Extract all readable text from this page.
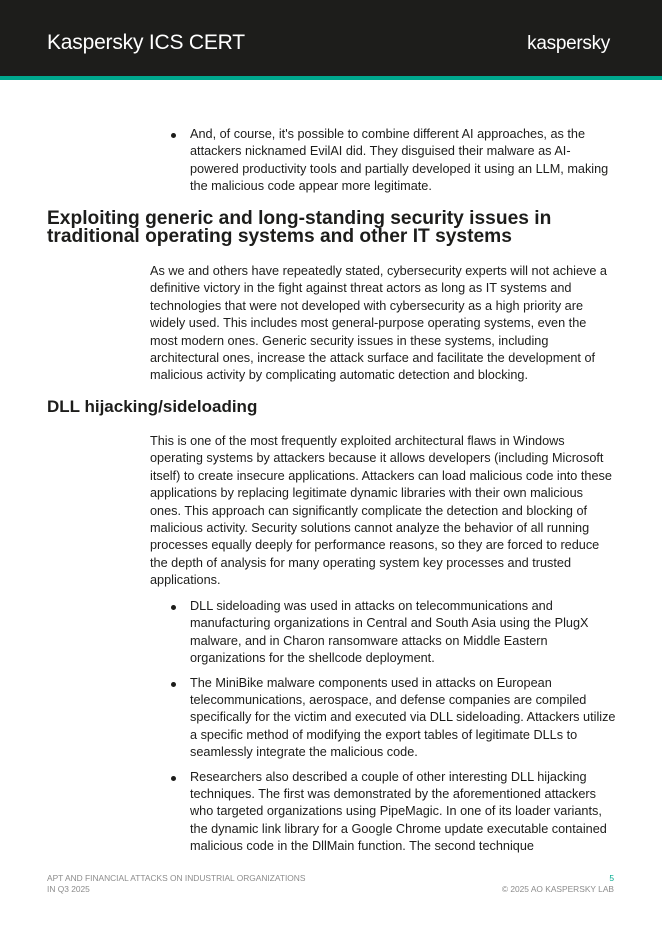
Kaspersky ICS CERT	kaspersky
And, of course, it's possible to combine different AI approaches, as the attackers nicknamed EvilAI did. They disguised their malware as AI-powered productivity tools and partially developed it using an LLM, making the malicious code appear more legitimate.
Exploiting generic and long-standing security issues in traditional operating systems and other IT systems

As we and others have repeatedly stated, cybersecurity experts will not achieve a definitive victory in the fight against threat actors as long as IT systems and technologies that were not developed with cybersecurity as a high priority are widely used. This includes most general-purpose operating systems, even the most modern ones. Generic security issues in these systems, including architectural ones, increase the attack surface and facilitate the development of malicious activity by complicating automatic detection and blocking.

DLL hijacking/sideloading

This is one of the most frequently exploited architectural flaws in Windows operating systems by attackers because it allows developers (including Microsoft itself) to create insecure applications. Attackers can load malicious code into these applications by replacing legitimate dynamic libraries with their own malicious ones. This approach can significantly complicate the detection and blocking of malicious activity. Security solutions cannot analyze the behavior of all running processes equally deeply for performance reasons, so they are forced to reduce the depth of analysis for many operating system key processes and trusted applications.

DLL sideloading was used in attacks on telecommunications and manufacturing organizations in Central and South Asia using the PlugX malware, and in Charon ransomware attacks on Middle Eastern organizations for the shellcode deployment.
The MiniBike malware components used in attacks on European telecommunications, aerospace, and defense companies are compiled specifically for the victim and executed via DLL sideloading. Attackers utilize a specific method of modifying the export tables of legitimate DLLs to seamlessly integrate the malicious code.
Researchers also described a couple of other interesting DLL hijacking techniques. The first was demonstrated by the aforementioned attackers who targeted organizations using PipeMagic. In one of its loader variants, the dynamic link library for a Google Chrome update executable contained malicious code in the DllMain function. The second technique
APT AND FINANCIAL ATTACKS ON INDUSTRIAL ORGANIZATIONS
IN Q3 2025
5
© 2025 AO KASPERSKY LAB
